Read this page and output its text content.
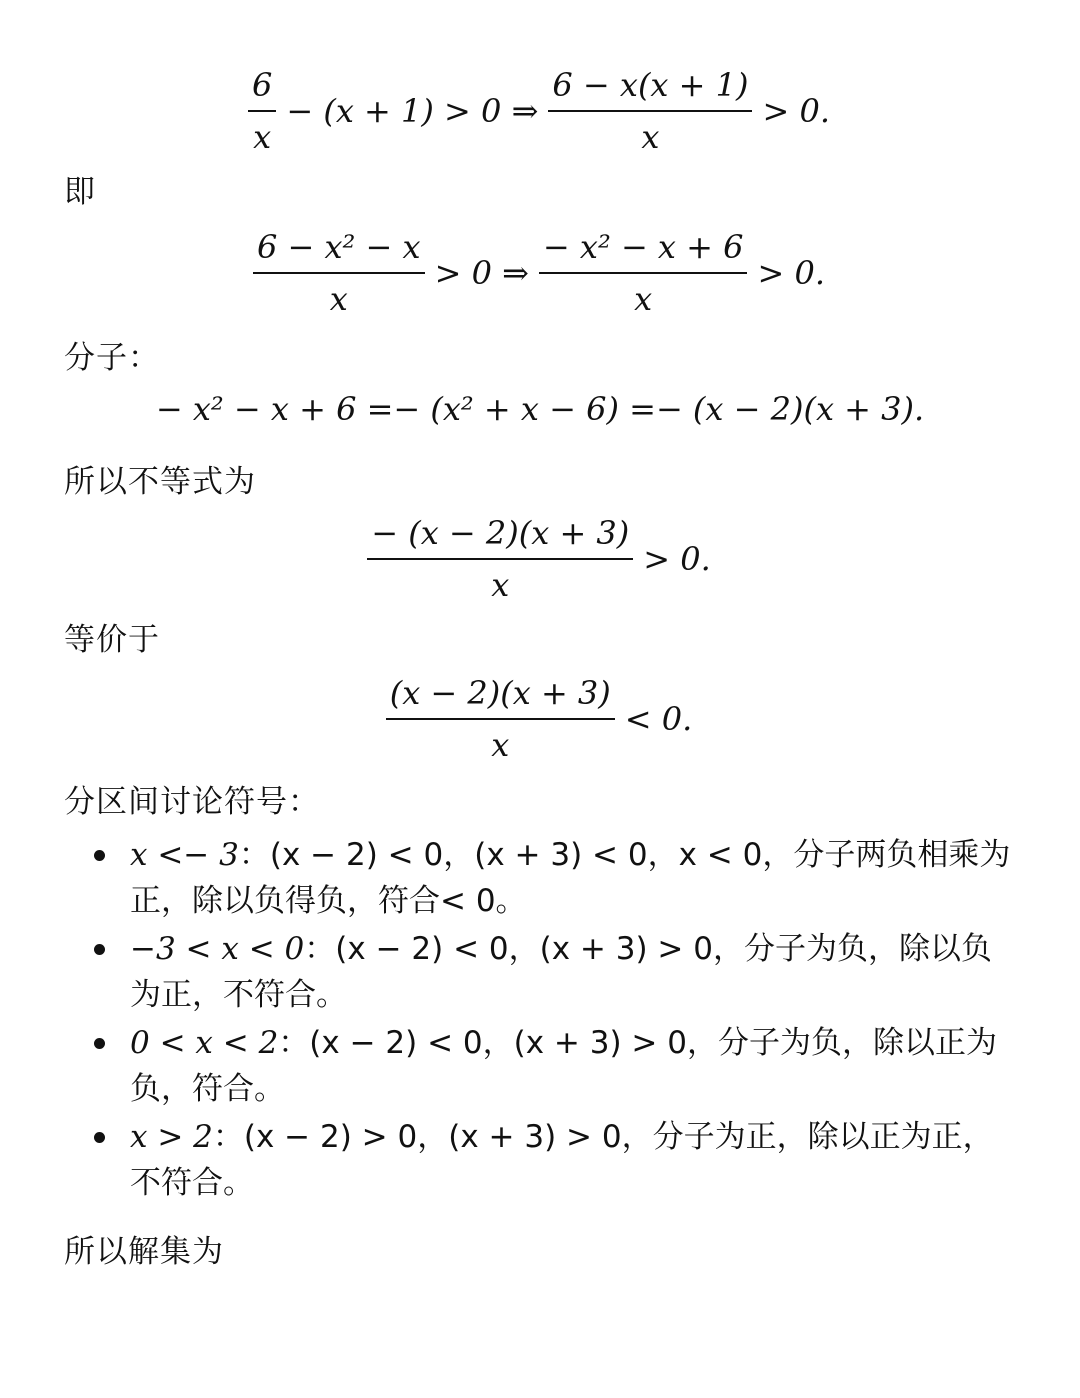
$\frac{6}{x} - (x + 1) > 0$ ⇒ $\frac{6 - x(x + 1)}{x} > 0$.
即
$\frac{\text{6 − x² − x}}{x} > 0$ ⇒ $\frac{\text{− x² − x + 6}}{x} > 0$.
分子：
− x² − x + 6 =− (x² + x − 6) =− (x − 2)(x + 3).
所以不等式为
$\frac{- (x - 2)(x + 3)}{x} > 0$.
等价于
$\frac{(x - 2)(x + 3)}{x} < 0$.
分区间讨论符号：
x <− 3：(x − 2) < 0，(x + 3) < 0，x < 0，分子两负相乘为正，除以负得负，符合< 0。
−3 < x < 0：(x − 2) < 0，(x + 3) > 0，分子为负，除以负为正，不符合。
0 < x < 2：(x − 2) < 0，(x + 3) > 0，分子为负，除以正为负，符合。
x > 2：(x − 2) > 0，(x + 3) > 0，分子为正，除以正为正，不符合。
所以解集为
